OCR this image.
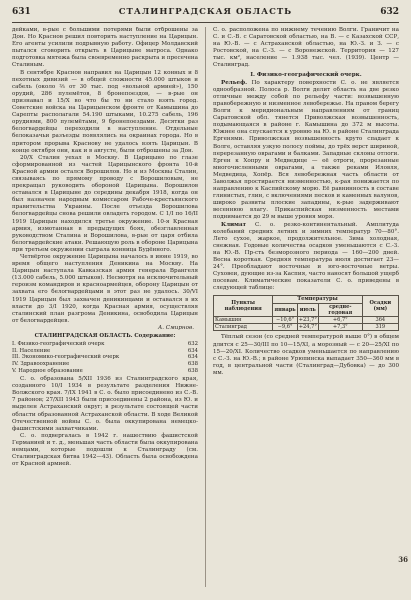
631	СТАЛИНГРАДСКАЯ ОБЛАСТЬ	632

дейками, в-рые с большими потерями были отброшены за Дон. Но Краснов решил повторить наступление на Царицын. Его агенты усилили подрывную работу. Офицер Молдавский пытался сговорить открыть в Царицыне матроса. Однако подготовка мятежа была своевременно раскрыта и пресечена Сталиным.

В сентябре Краснов направил на Царицын 12 конных и 8 пехотных дивизий — в общей сложности 45.000 штыков и сабель (около ⅔ от 30 тыс. под «вольной армией»), 150 орудий, 286 пулемётов, 8 бронепоездов, — в-рые он признавал и 15/Х во что бы то ни стало взять город. Советские войска на Царицынском фронте от Камышина до Сарепты располагали 54.190 штыками, 10.275 сабель, 196 орудиями, 800 пулемётами, 9 бронепоездами. Десятки раз белогвардейцы переходили в наступление. Отдельные белоказачьи разъезды появлялись на окраинах города. Но в притором прорыва Краснову не удалось взять Царицын. В конце октября они, как и в августе, были отброшены за Дон.

20/Х Сталин уехал в Москву. В Царицыно по глазе сформированной из частей Царицынского фронта 10-й Красной армии остался Ворошилов. Но и из Москвы Сталин, связываясь по прямому проводу с Ворошиловым, не прекращал руководить обороной Царицына. Ворошилов оставался в Царицыне до середины декабря 1918, когда он был назначен народным комиссаром Рабоче-крестьянского правительства Украины. После отъезда Ворошилова белогвардейцы снова решили овладеть городом. С 1/I по 16/II 1919 Царицын находился третье окружение. 10-я Красная армия, измотанная в предыдущих боях, обезглавленная руководством Сталина и Ворошилова, в-рые от царя отбила белогвардейские атаки. Решающую роль в обороне Царицына при третьем окружении сыграла конница Будённого.

Четвёртое окружение Царицына началось в июне 1919, во время общего наступления Деникина на Москву. На Царицын наступала Кавказская армия генерала Врангеля (13.000 сабель, 5.000 штыков). Несмотря на исключительный героизм командиров и красноармейцев, оборону Царицын от захвата его белогвардейцами в этот раз не удалось. 30/VI 1919 Царицын был захвачен деникинцами и оставался в их власти до 3/I 1920, когда Красная армия, осуществляя сталинский план разгрома Деникина, освободила Царицын от белогвардейцев.

А. Смирнов.

СТАЛИНГРАДСКАЯ ОБЛАСТЬ. Содержание:
I. Физико-географический очерк	632
II. Население	634
III. Экономико-географический очерк	634
IV. Здравоохранение	638
V. Народное образование	638

С. о. образована 5/XII 1936 из Сталинградского края, созданного 10/I 1934 в результате разделения Нижне-Волжского края. 7/IX 1941 в С. о. было присоединено из С.-В. 7 районов; 27/XII 1943 были присоединены 2 района, из Ю. и выделен Астраханский округ; в результате состоящей части области образованной Астраханской области. В ходе Великой Отечественной войны С. о. была оккупирована немецко-фашистскими захватчиками.

С. о. подвергалась в 1942 г. нашествию фашистской Германией и т. д., меньшая часть области была оккупирована немцами, которые подошли к Сталинграду (см. Сталинградская битва 1942—43). Область была освобождена от Красной армией.

С. о. расположена по нижнему течению Волги. Граничит на С. и С.-В. с Саратовской областью, на В. — с Казахской ССР, на Ю.-В. — с Астраханской областью, на Ю.-З. и З. — с Ростовской, на С.-З. — с Воронежской. Территория — 127 тыс. км², население — 1.938 тыс. чел. (1939). Центр — Сталинград.

I. Физико-географический очерк.

Рельеф. По характеру поверхности С. о. не является однообразной. Полоса р. Волги делит область на две резко отличные между собой по рельефу части: возвышенную правобережную и низменное левобережье. На правом берегу Волги к меридиональным направлениям от границ Саратовской обл. тянется Приволжская возвышенность, подымающаяся в районе г. Камышина до 372 м высоты. Южнее она спускается к уровню на Ю. в районе Сталинграда Ергенями. Приволжская возвышенность круто спадает к Волге, оставляя узкую полосу поймы, до трёх верст шириной, перерезанную оврагами и балками. Западные склоны отлоги. Ерген к Хопру и Медведице — её отроги, прорезанные многочисленными оврагами, а также реками Иловля, Медведица, Хопёр. Вся левобережная часть области от Заволжья простирается низменностью, к-рая понижается по направлению к Каспийскому морю. Её равнинность в составе глинистых, глин, с включениями песков и каменных валунов, широко развиты плоские западины, к-рые задерживают весеннюю влагу. Прикаспийская низменность местами поднимается до 29 м выше уровня моря.

Климат С. о. резко-континентальный. Амплитуда колебаний средних летних и зимних температур 70—80°. Лето сухое, жаркое, продолжительное. Зима холодная, снежная. Годовые количества осадков уменьшаются с С.-З. на Ю.-В. Пр-сть безморозного периода — 160—200 дней. Весна короткая. Средняя температура июля достигает 23—24°. Преобладают восточные и юго-восточные ветры. Суховеи, дующие из-за Каспия, часто наносят большой ущерб посевам. Климатические показатели С. о. приведены в следующей таблице:

Пункты наблюдения	Температуры			Осадки (мм)
	январь	июль	средне-годовая	
Камышин	−10,6°	+23,7°	+6,7°	364
Сталинград	−9,6°	+24,7°	+7,3°	319

Тёплый сезон (со средней температурой выше 0°) в общем длится с 25—30/III по 10—15/XI, а морозный — с 20—25/XI по 15—20/XI. Количество осадков уменьшается по направлению с С.-З. на Ю.-В.; в районе Урюпинска выпадает 350—360 мм в год, в центральной части (Сталинград—Дубовка) — до 300 мм.

36
